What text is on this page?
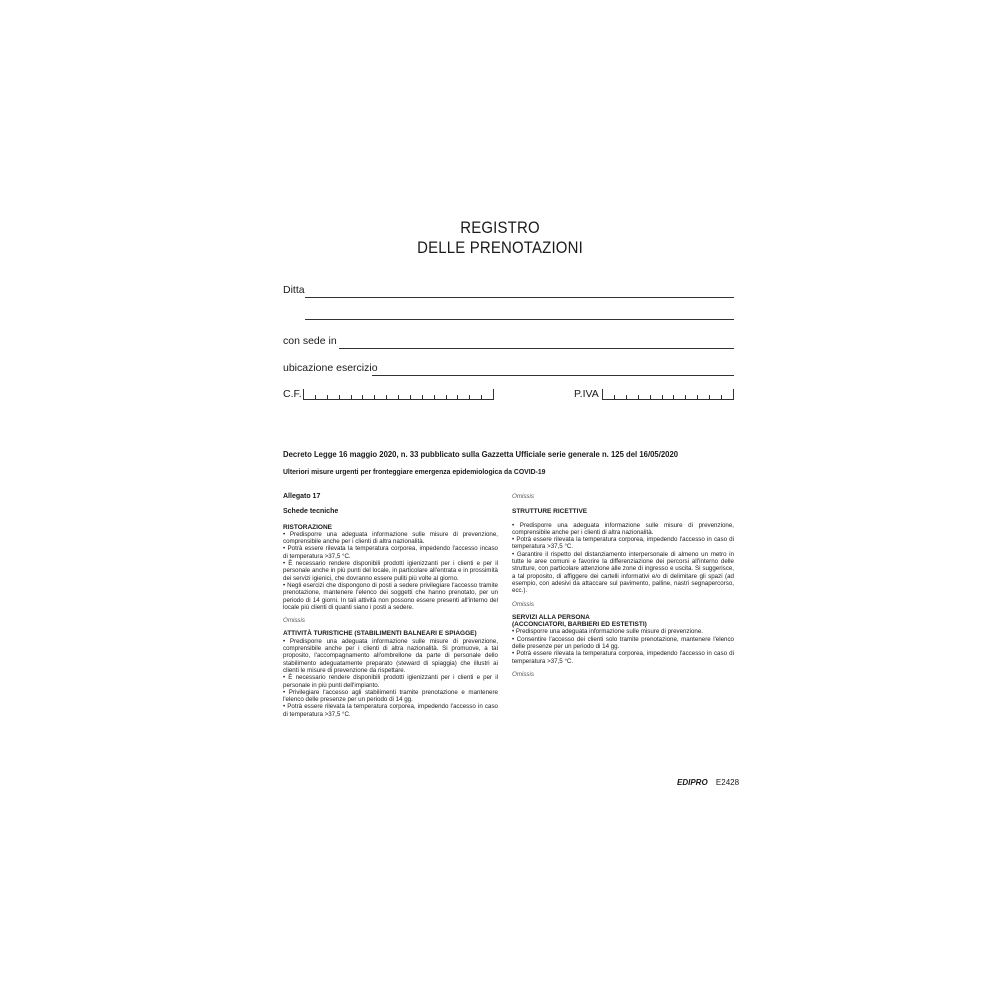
REGISTRO
DELLE PRENOTAZIONI
Ditta
con sede in
ubicazione esercizio
C.F.	P.IVA
Decreto Legge 16 maggio 2020, n. 33 pubblicato sulla Gazzetta Ufficiale serie generale n. 125 del 16/05/2020
Ulteriori misure urgenti per fronteggiare emergenza epidemiologica da COVID-19
Allegato 17
Schede tecniche
RISTORAZIONE
• Predisporre una adeguata informazione sulle misure di prevenzione, comprensibile anche per i clienti di altra nazionalità.
• Potrà essere rilevata la temperatura corporea, impedendo l'accesso incaso di temperatura >37,5 °C.
• È necessario rendere disponibili prodotti igienizzanti per i clienti e per il personale anche in più punti del locale, in particolare all'entrata e in prossimità dei servizi igienici, che dovranno essere puliti più volte al giorno.
• Negli esercizi che dispongono di posti a sedere privilegiare l'accesso tramite prenotazione, mantenere l'elenco dei soggetti che hanno prenotato, per un periodo di 14 giorni. In tali attività non possono essere presenti all'interno del locale più clienti di quanti siano i posti a sedere.
Omissis
ATTIVITÀ TURISTICHE (STABILIMENTI BALNEARI E SPIAGGE)
• Predisporre una adeguata informazione sulle misure di prevenzione, comprensibile anche per i clienti di altra nazionalità. Si promuove, a tal proposito, l'accompagnamento all'ombrellone da parte di personale dello stabilimento adeguatamente preparato (steward di spiaggia) che illustri ai clienti le misure di prevenzione da rispettare.
• È necessario rendere disponibili prodotti igienizzanti per i clienti e per il personale in più punti dell'impianto.
• Privilegiare l'accesso agli stabilimenti tramite prenotazione e mantenere l'elenco delle presenze per un periodo di 14 gg.
• Potrà essere rilevata la temperatura corporea, impedendo l'accesso in caso di temperatura >37,5 °C.
Omissis
STRUTTURE RICETTIVE
• Predisporre una adeguata informazione sulle misure di prevenzione, comprensibile anche per i clienti di altra nazionalità.
• Potrà essere rilevata la temperatura corporea, impedendo l'accesso in caso di temperatura >37,5 °C.
• Garantire il rispetto del distanziamento interpersonale di almeno un metro in tutte le aree comuni e favorire la differenziazione dei percorsi all'interno delle strutture, con particolare attenzione alle zone di ingresso e uscita. Si suggerisce, a tal proposito, di affiggere dei cartelli informativi e/o di delimitare gli spazi (ad esempio, con adesivi da attaccare sul pavimento, palline, nastri segnapercorso, ecc.).
Omissis
SERVIZI ALLA PERSONA
(ACCONCIATORI, BARBIERI ED ESTETISTI)
• Predisporre una adeguata informazione sulle misure di prevenzione.
• Consentire l'accesso dei clienti solo tramite prenotazione, mantenere l'elenco delle presenze per un periodo di 14 gg.
• Potrà essere rilevata la temperatura corporea, impedendo l'accesso in caso di temperatura >37,5 °C.
Omissis
EDIPRO E2428
